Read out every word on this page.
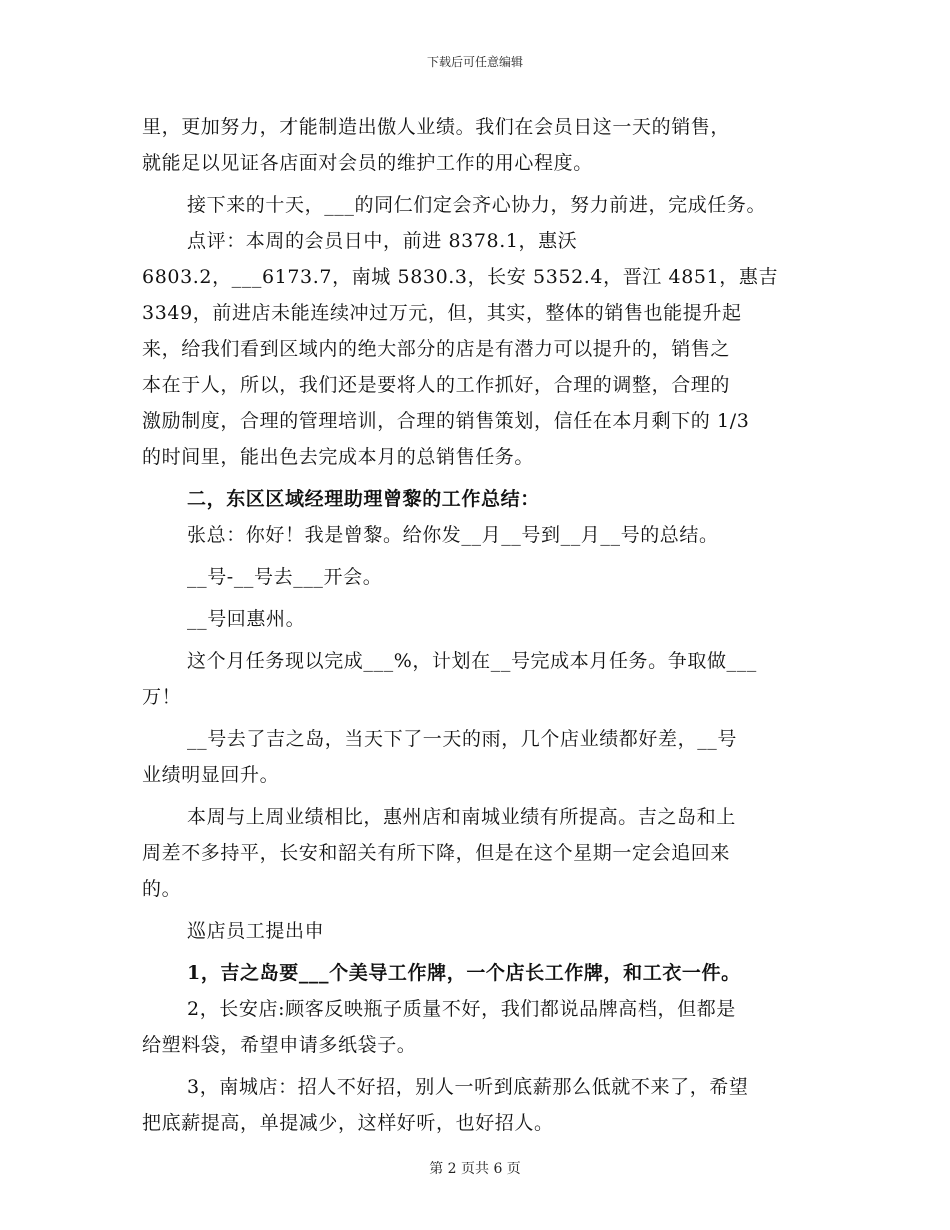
下载后可任意编辑
里，更加努力，才能制造出傲人业绩。我们在会员日这一天的销售，
就能足以见证各店面对会员的维护工作的用心程度。
接下来的十天，___的同仁们定会齐心协力，努力前进，完成任务。
点评：本周的会员日中，前进 8378.1，惠沃
6803.2，___6173.7，南城 5830.3，长安 5352.4，晋江 4851，惠吉
3349，前进店未能连续冲过万元，但，其实，整体的销售也能提升起
来，给我们看到区域内的绝大部分的店是有潜力可以提升的，销售之
本在于人，所以，我们还是要将人的工作抓好，合理的调整，合理的
激励制度，合理的管理培训，合理的销售策划，信任在本月剩下的 1/3
的时间里，能出色去完成本月的总销售任务。
二，东区区域经理助理曾黎的工作总结：
张总：你好！我是曾黎。给你发__月__号到__月__号的总结。
__号-__号去___开会。
__号回惠州。
这个月任务现以完成___%，计划在__号完成本月任务。争取做___
万！
__号去了吉之岛，当天下了一天的雨，几个店业绩都好差，__号
业绩明显回升。
本周与上周业绩相比，惠州店和南城业绩有所提高。吉之岛和上
周差不多持平，长安和韶关有所下降，但是在这个星期一定会追回来
的。
巡店员工提出申
1，吉之岛要___个美导工作牌，一个店长工作牌，和工衣一件。
2，长安店:顾客反映瓶子质量不好，我们都说品牌高档，但都是
给塑料袋，希望申请多纸袋子。
3，南城店：招人不好招，别人一听到底薪那么低就不来了，希望
把底薪提高，单提减少，这样好听，也好招人。
第 2 页共 6 页
